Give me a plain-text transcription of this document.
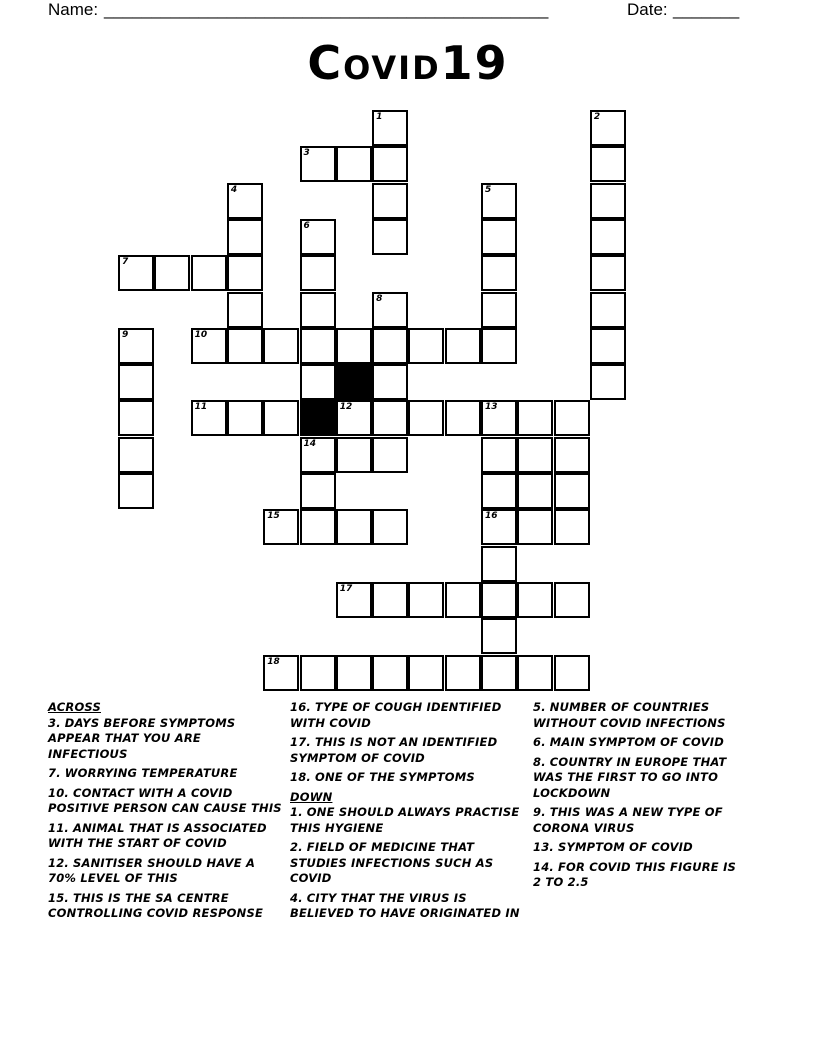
Name: _______________________________________________	Date: _______
Covid19
1	2
3
4	5
6
7
8
9	10
11	12	13
14
15	16
17
18
ACROSS
3. DAYS BEFORE SYMPTOMS APPEAR THAT YOU ARE INFECTIOUS
7. WORRYING TEMPERATURE
10. CONTACT WITH A COVID POSITIVE PERSON CAN CAUSE THIS
11. ANIMAL THAT IS ASSOCIATED WITH THE START OF COVID
12. SANITISER SHOULD HAVE A 70% LEVEL OF THIS
15. THIS IS THE SA CENTRE CONTROLLING COVID RESPONSE
16. TYPE OF COUGH IDENTIFIED WITH COVID
17. THIS IS NOT AN IDENTIFIED SYMPTOM OF COVID
18. ONE OF THE SYMPTOMS
DOWN
1. ONE SHOULD ALWAYS PRACTISE THIS HYGIENE
2. FIELD OF MEDICINE THAT STUDIES INFECTIONS SUCH AS COVID
4. CITY THAT THE VIRUS IS BELIEVED TO HAVE ORIGINATED IN
5. NUMBER OF COUNTRIES WITHOUT COVID INFECTIONS
6. MAIN SYMPTOM OF COVID
8. COUNTRY IN EUROPE THAT WAS THE FIRST TO GO INTO LOCKDOWN
9. THIS WAS A NEW TYPE OF CORONA VIRUS
13. SYMPTOM OF COVID
14. FOR COVID THIS FIGURE IS 2 TO 2.5
